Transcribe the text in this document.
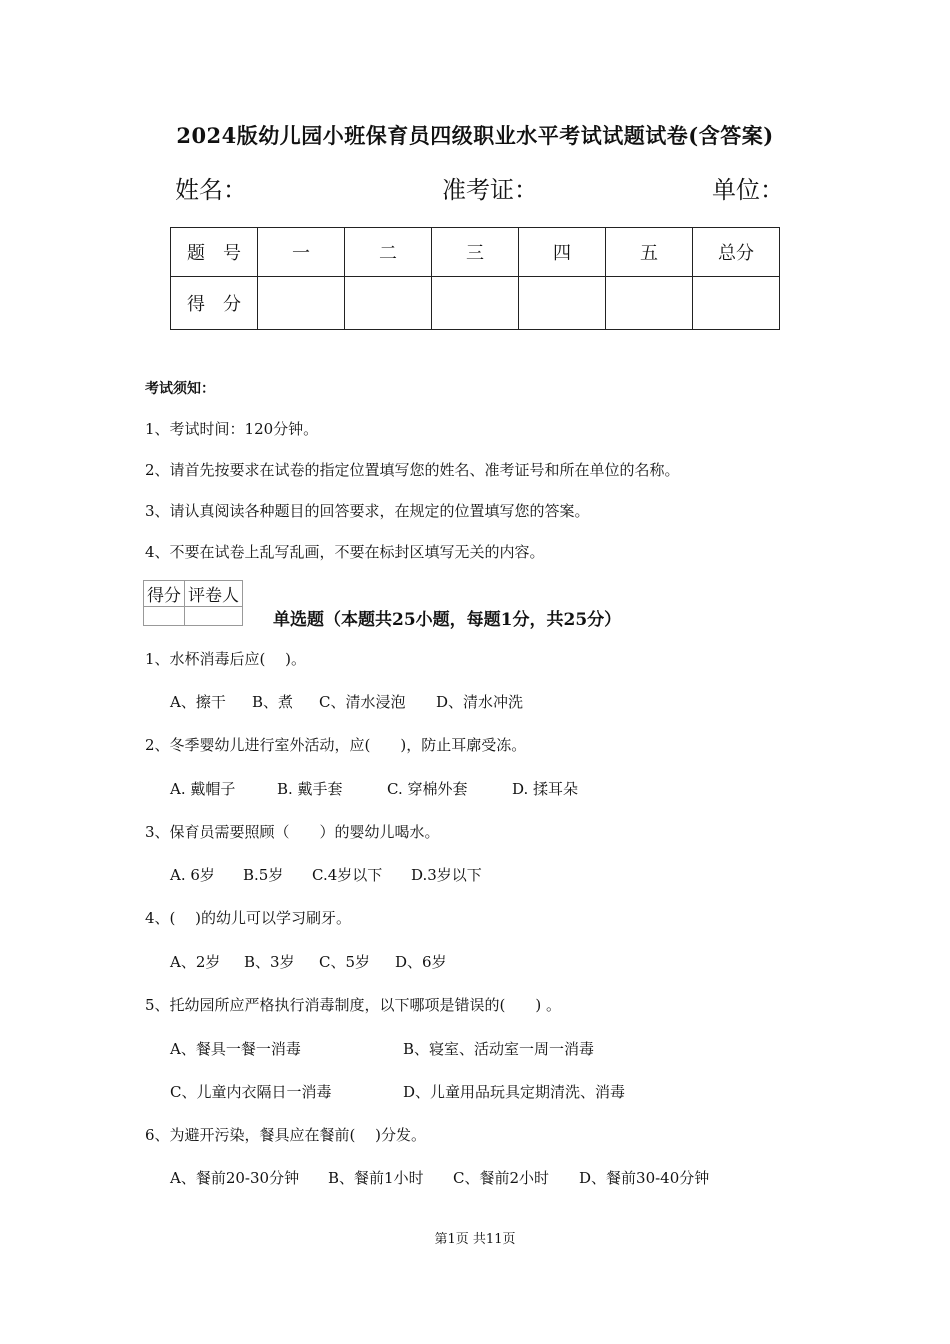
2024版幼儿园小班保育员四级职业水平考试试题试卷(含答案)
姓名：	准考证：	单位：
题　号	一	二	三	四	五	总分
得　分						
考试须知：
1、考试时间：120分钟。
2、请首先按要求在试卷的指定位置填写您的姓名、准考证号和所在单位的名称。
3、请认真阅读各种题目的回答要求，在规定的位置填写您的答案。
4、不要在试卷上乱写乱画，不要在标封区填写无关的内容。
得分	评卷人

单选题（本题共25小题，每题1分，共25分）
1、水杯消毒后应(　 )。
A、擦干 B、煮 C、清水浸泡 D、清水冲洗
2、冬季婴幼儿进行室外活动，应(　　)，防止耳廓受冻。
A. 戴帽子	B. 戴手套	C. 穿棉外套	D. 揉耳朵
3、保育员需要照顾（　　）的婴幼儿喝水。
A. 6岁 B.5岁 C.4岁以下 D.3岁以下
4、(　 )的幼儿可以学习刷牙。
A、2岁 B、3岁 C、5岁 D、6岁
5、托幼园所应严格执行消毒制度，以下哪项是错误的(　　) 。
A、餐具一餐一消毒	B、寝室、活动室一周一消毒
C、儿童内衣隔日一消毒	D、儿童用品玩具定期清洗、消毒
6、为避开污染，餐具应在餐前(　 )分发。
A、餐前20-30分钟 B、餐前1小时 C、餐前2小时 D、餐前30-40分钟
第1页 共11页
